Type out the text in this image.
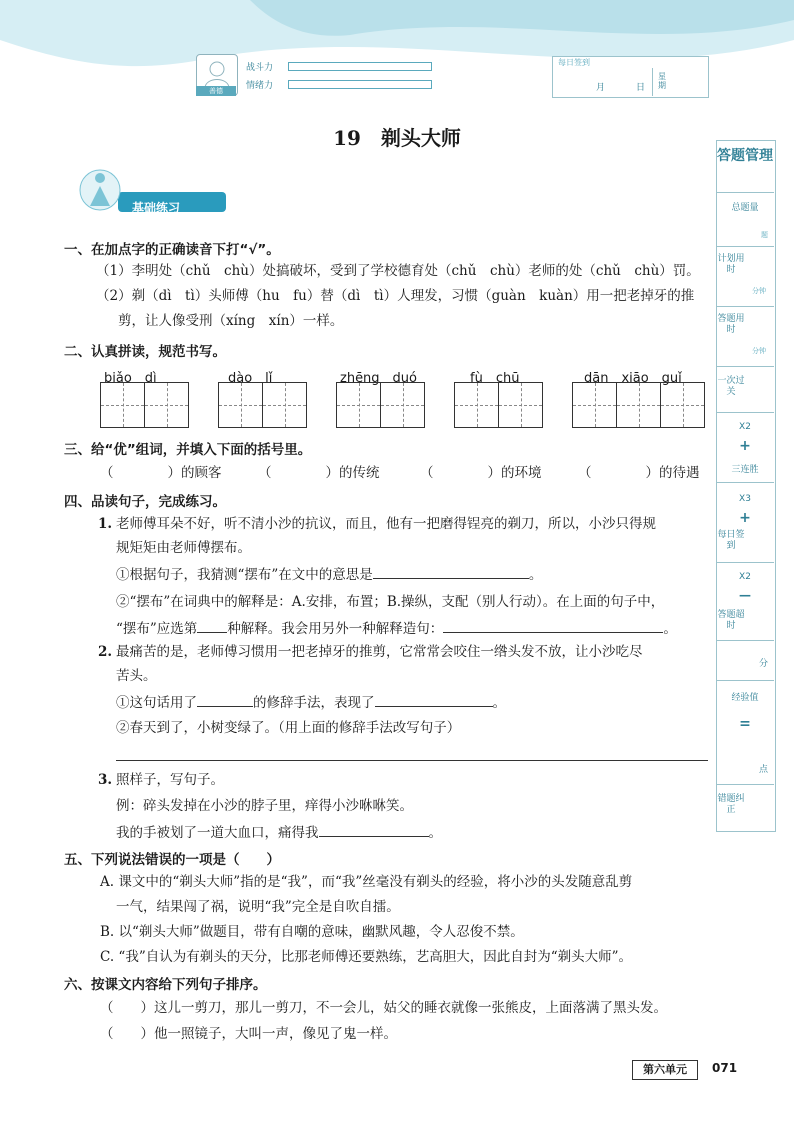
善德
战斗力
情绪力
每日签到
月	日
星期
19　剃头大师
基础练习
一、在加点字的正确读音下打“√”。
（1）李明处（chǔ　chù）处搞破坏，受到了学校德育处（chǔ　chù）老师的处（chǔ　chù）罚。
（2）剃（dì　tì）头师傅（hu　fu）替（dì　tì）人理发，习惯（guàn　kuàn）用一把老掉牙的推
剪，让人像受刑（xíng　xín）一样。
二、认真拼读，规范书写。
biǎo　dì	dào　lǐ	zhēng　duó	fù　chū	dān　xiāo　guǐ
三、给“优”组词，并填入下面的括号里。
（　　　　）的顾客	（　　　　）的传统	（　　　　）的环境	（　　　　）的待遇
四、品读句子，完成练习。
1. 老师傅耳朵不好，听不清小沙的抗议，而且，他有一把磨得锃亮的剃刀，所以，小沙只得规
规矩矩由老师傅摆布。
①根据句子，我猜测“摆布”在文中的意思是	。
②“摆布”在词典中的解释是：A.安排，布置；B.操纵，支配（别人行动）。在上面的句子中，
“摆布”应选第 种解释。我会用另外一种解释造句：	。
2. 最痛苦的是，老师傅习惯用一把老掉牙的推剪，它常常会咬住一绺头发不放，让小沙吃尽
苦头。
①这句话用了	的修辞手法，表现了	。
②春天到了，小树变绿了。（用上面的修辞手法改写句子）
3. 照样子，写句子。
例：碎头发掉在小沙的脖子里，痒得小沙咻咻笑。
我的手被划了一道大血口，痛得我	。
五、下列说法错误的一项是（　　）
A. 课文中的“剃头大师”指的是“我”，而“我”丝毫没有剃头的经验，将小沙的头发随意乱剪
一气，结果闯了祸，说明“我”完全是自吹自擂。
B. 以“剃头大师”做题目，带有自嘲的意味，幽默风趣，令人忍俊不禁。
C. “我”自认为有剃头的天分，比那老师傅还要熟练，艺高胆大，因此自封为“剃头大师”。
六、按课文内容给下列句子排序。
（　　）这儿一剪刀，那儿一剪刀，不一会儿，姑父的睡衣就像一张熊皮，上面落满了黑头发。
（　　）他一照镜子，大叫一声，像见了鬼一样。
答题管理
总题量
题
计划用时
分钟
答题用时
分钟
一次过关
X2
+
三连胜
X3
+
每日签到
X2
—
答题超时
分
经验值
=
点
错题纠正
第六单元	071
